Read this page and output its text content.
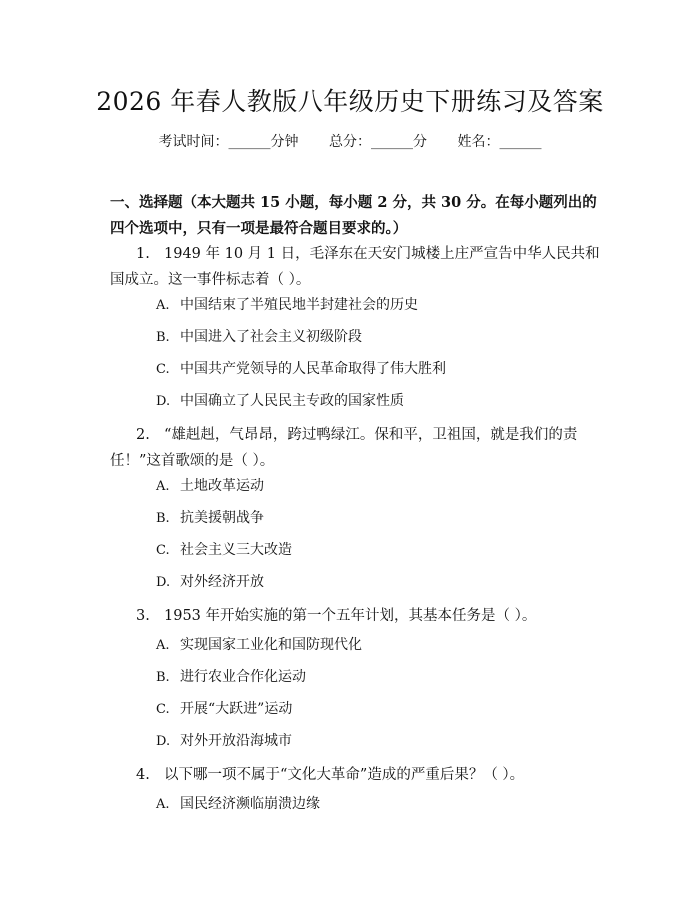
2026 年春人教版八年级历史下册练习及答案
考试时间：______分钟 总分：______分 姓名：______
一、选择题（本大题共 15 小题，每小题 2 分，共 30 分。在每小题列出的四个选项中，只有一项是最符合题目要求的。）
1. 1949 年 10 月 1 日，毛泽东在天安门城楼上庄严宣告中华人民共和国成立。这一事件标志着（ ）。
A. 中国结束了半殖民地半封建社会的历史
B. 中国进入了社会主义初级阶段
C. 中国共产党领导的人民革命取得了伟大胜利
D. 中国确立了人民民主专政的国家性质
2. “雄赳赳，气昂昂，跨过鸭绿江。保和平，卫祖国，就是我们的责任！”这首歌颂的是（ ）。
A. 土地改革运动
B. 抗美援朝战争
C. 社会主义三大改造
D. 对外经济开放
3. 1953 年开始实施的第一个五年计划，其基本任务是（ ）。
A. 实现国家工业化和国防现代化
B. 进行农业合作化运动
C. 开展“大跃进”运动
D. 对外开放沿海城市
4. 以下哪一项不属于“文化大革命”造成的严重后果？（ ）。
A. 国民经济濒临崩溃边缘
